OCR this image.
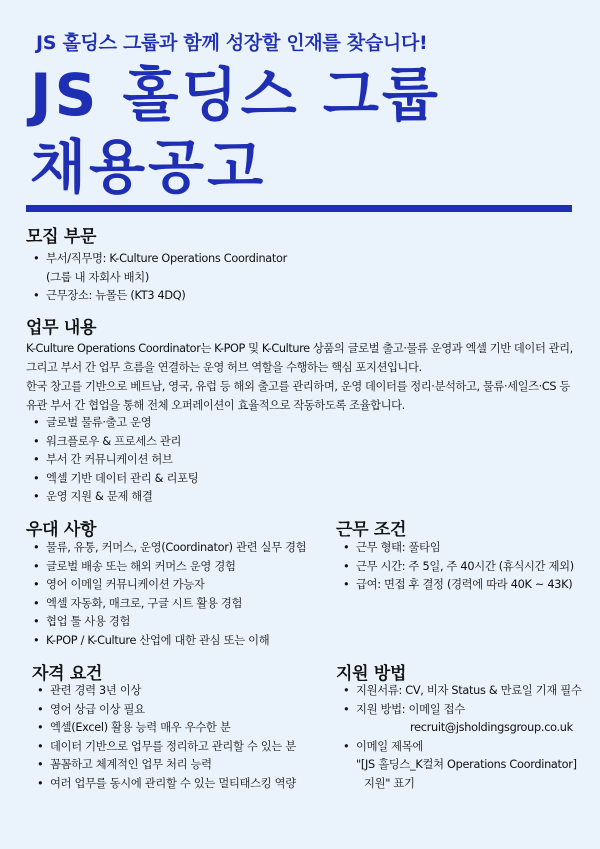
JS 홀딩스 그룹과 함께 성장할 인재를 찾습니다!
JS 홀딩스 그룹
채용공고
모집 부문
• 부서/직무명: K-Culture Operations Coordinator
(그룹 내 자회사 배치)
• 근무장소: 뉴몰든 (KT3 4DQ)
업무 내용

K-Culture Operations Coordinator는 K-POP 및 K-Culture 상품의 글로벌 출고·물류 운영과 엑셀 기반 데이터 관리, 그리고 부서 간 업무 흐름을 연결하는 운영 허브 역할을 수행하는 핵심 포지션입니다.

한국 창고를 기반으로 베트남, 영국, 유럽 등 해외 출고를 관리하며, 운영 데이터를 정리·분석하고, 물류·세일즈·CS 등 유관 부서 간 협업을 통해 전체 오퍼레이션이 효율적으로 작동하도록 조율합니다.

• 글로벌 물류·출고 운영
• 워크플로우 & 프로세스 관리
• 부서 간 커뮤니케이션 허브
• 엑셀 기반 데이터 관리 & 리포팅
• 운영 지원 & 문제 해결
우대 사항
• 물류, 유통, 커머스, 운영(Coordinator) 관련 실무 경험
• 글로벌 배송 또는 해외 커머스 운영 경험
• 영어 이메일 커뮤니케이션 가능자
• 엑셀 자동화, 매크로, 구글 시트 활용 경험
• 협업 툴 사용 경험
• K-POP / K-Culture 산업에 대한 관심 또는 이해
근무 조건
• 근무 형태: 풀타임
• 근무 시간: 주 5일, 주 40시간 (휴식시간 제외)
• 급여: 면접 후 결정 (경력에 따라 40K ~ 43K)
자격 요건
• 관련 경력 3년 이상
• 영어 상급 이상 필요
• 엑셀(Excel) 활용 능력 매우 우수한 분
• 데이터 기반으로 업무를 정리하고 관리할 수 있는 분
• 꼼꼼하고 체계적인 업무 처리 능력
• 여러 업무를 동시에 관리할 수 있는 멀티태스킹 역량
지원 방법
• 지원서류: CV, 비자 Status & 만료일 기재 필수
• 지원 방법: 이메일 접수
recruit@jsholdingsgroup.co.uk
• 이메일 제목에
"[JS 홀딩스_K컬쳐 Operations Coordinator]
지원" 표기
